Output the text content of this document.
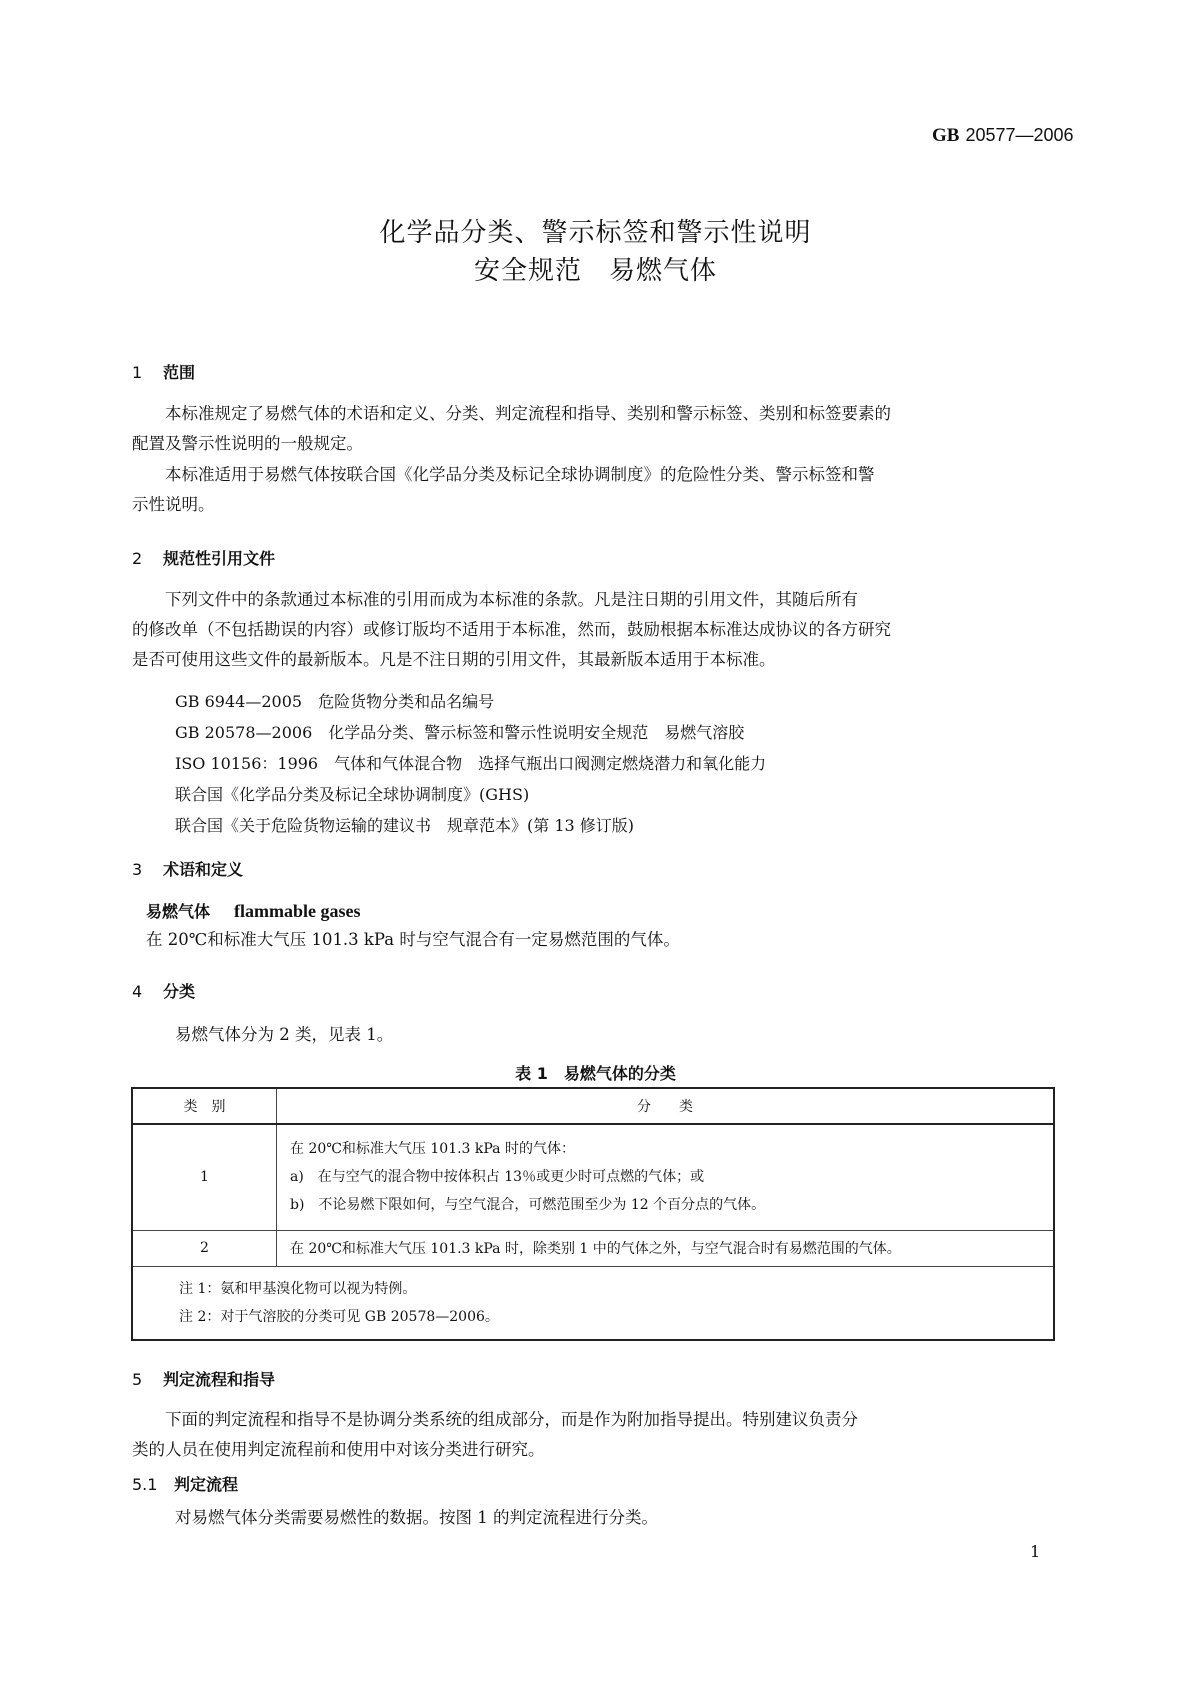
GB 20577—2006
化学品分类、警示标签和警示性说明
安全规范　易燃气体
1 范围
　　本标准规定了易燃气体的术语和定义、分类、判定流程和指导、类别和警示标签、类别和标签要素的
配置及警示性说明的一般规定。
　　本标准适用于易燃气体按联合国《化学品分类及标记全球协调制度》的危险性分类、警示标签和警
示性说明。
2 规范性引用文件
　　下列文件中的条款通过本标准的引用而成为本标准的条款。凡是注日期的引用文件，其随后所有
的修改单（不包括勘误的内容）或修订版均不适用于本标准，然而，鼓励根据本标准达成协议的各方研究
是否可使用这些文件的最新版本。凡是不注日期的引用文件，其最新版本适用于本标准。
GB 6944—2005　危险货物分类和品名编号
GB 20578—2006　化学品分类、警示标签和警示性说明安全规范　易燃气溶胶
ISO 10156：1996　气体和气体混合物　选择气瓶出口阀测定燃烧潜力和氧化能力
联合国《化学品分类及标记全球协调制度》(GHS)
联合国《关于危险货物运输的建议书　规章范本》(第 13 修订版)
3 术语和定义
易燃气体 flammable gases
在 20℃和标准大气压 101.3 kPa 时与空气混合有一定易燃范围的气体。
4 分类
易燃气体分为 2 类，见表 1。
表 1　易燃气体的分类
类　别	分　　类
1	在 20℃和标准大气压 101.3 kPa 时的气体：
a)　在与空气的混合物中按体积占 13％或更少时可点燃的气体；或
b)　不论易燃下限如何，与空气混合，可燃范围至少为 12 个百分点的气体。

2	在 20℃和标准大气压 101.3 kPa 时，除类别 1 中的气体之外，与空气混合时有易燃范围的气体。

注 1：氨和甲基溴化物可以视为特例。
注 2：对于气溶胶的分类可见 GB 20578—2006。	
5 判定流程和指导
　　下面的判定流程和指导不是协调分类系统的组成部分，而是作为附加指导提出。特别建议负责分
类的人员在使用判定流程前和使用中对该分类进行研究。
5.1 判定流程
对易燃气体分类需要易燃性的数据。按图 1 的判定流程进行分类。
1
